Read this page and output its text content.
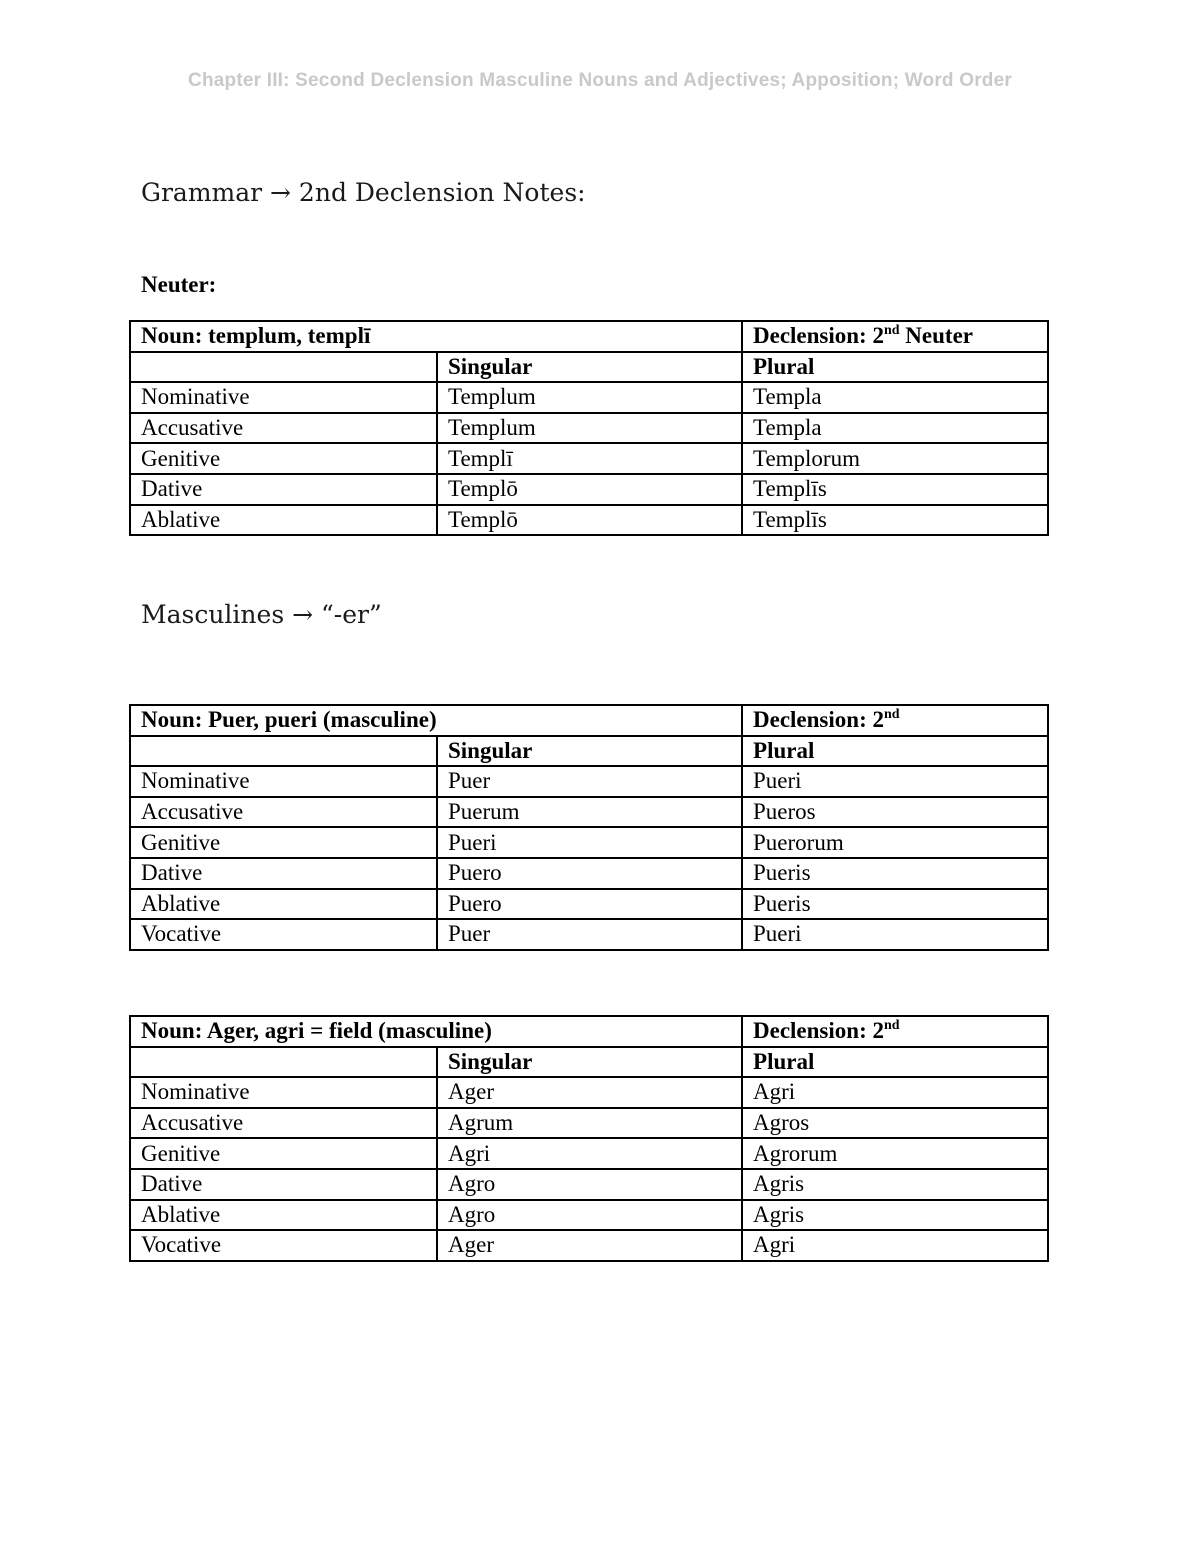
Chapter III: Second Declension Masculine Nouns and Adjectives; Apposition; Word Order
Grammar → 2nd Declension Notes:
Neuter:
Noun: templum, templī		Declension: 2nd Neuter
	Singular	Plural
Nominative	Templum	Templa
Accusative	Templum	Templa
Genitive	Templī	Templorum
Dative	Templō	Templīs
Ablative	Templō	Templīs
Masculines → “-er”
Noun: Puer, pueri (masculine)		Declension: 2nd
	Singular	Plural
Nominative	Puer	Pueri
Accusative	Puerum	Pueros
Genitive	Pueri	Puerorum
Dative	Puero	Pueris
Ablative	Puero	Pueris
Vocative	Puer	Pueri
Noun: Ager, agri = field (masculine)		Declension: 2nd
	Singular	Plural
Nominative	Ager	Agri
Accusative	Agrum	Agros
Genitive	Agri	Agrorum
Dative	Agro	Agris
Ablative	Agro	Agris
Vocative	Ager	Agri
